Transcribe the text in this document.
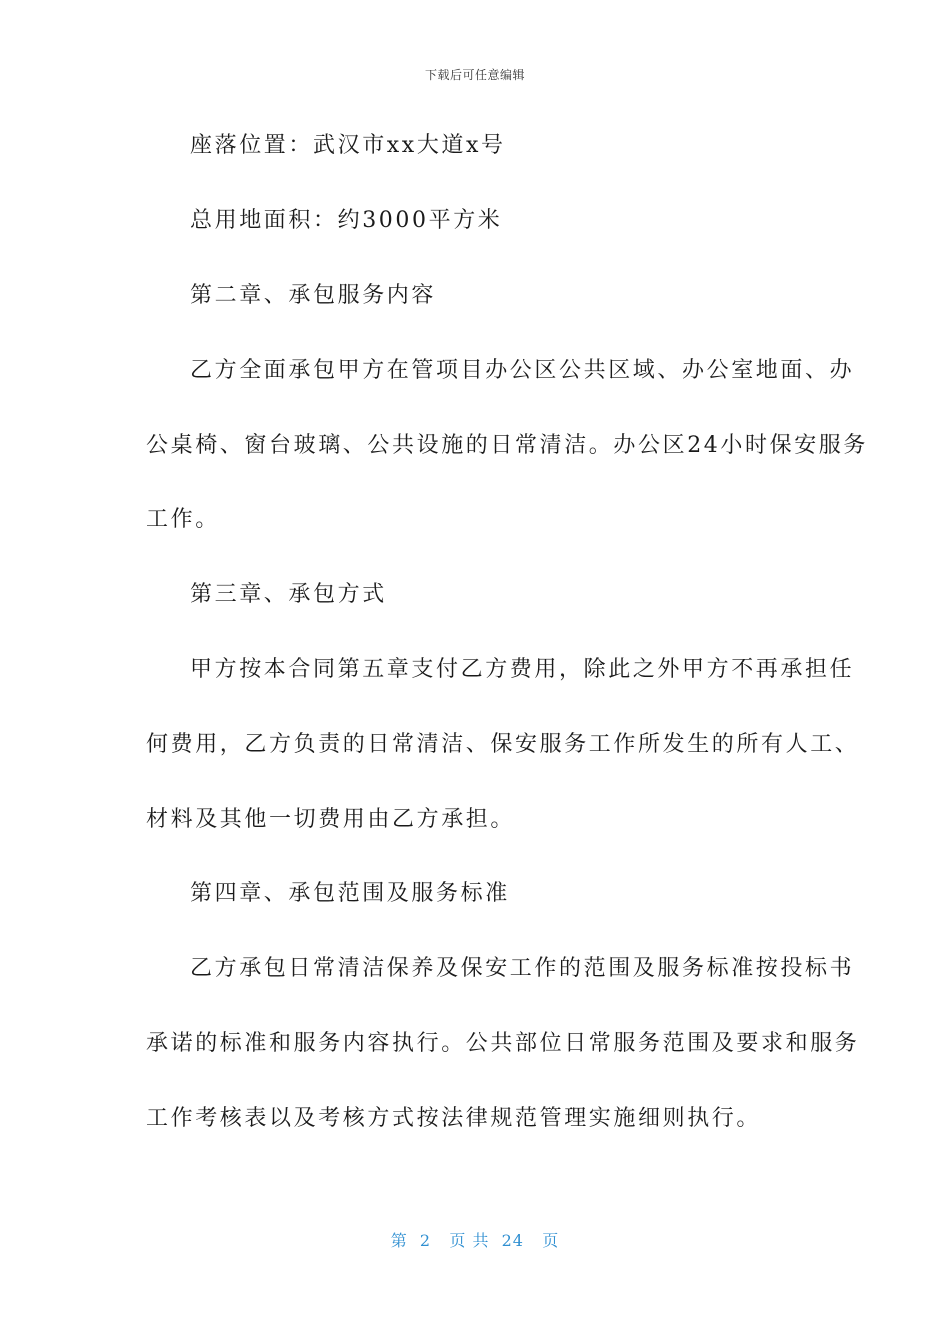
下载后可任意编辑
座落位置：武汉市xx大道x号
总用地面积：约3000平方米
第二章、承包服务内容
乙方全面承包甲方在管项目办公区公共区域、办公室地面、办
公桌椅、窗台玻璃、公共设施的日常清洁。办公区24小时保安服务
工作。
第三章、承包方式
甲方按本合同第五章支付乙方费用，除此之外甲方不再承担任
何费用，乙方负责的日常清洁、保安服务工作所发生的所有人工、
材料及其他一切费用由乙方承担。
第四章、承包范围及服务标准
乙方承包日常清洁保养及保安工作的范围及服务标准按投标书
承诺的标准和服务内容执行。公共部位日常服务范围及要求和服务
工作考核表以及考核方式按法律规范管理实施细则执行。
第  2   页 共  24   页
